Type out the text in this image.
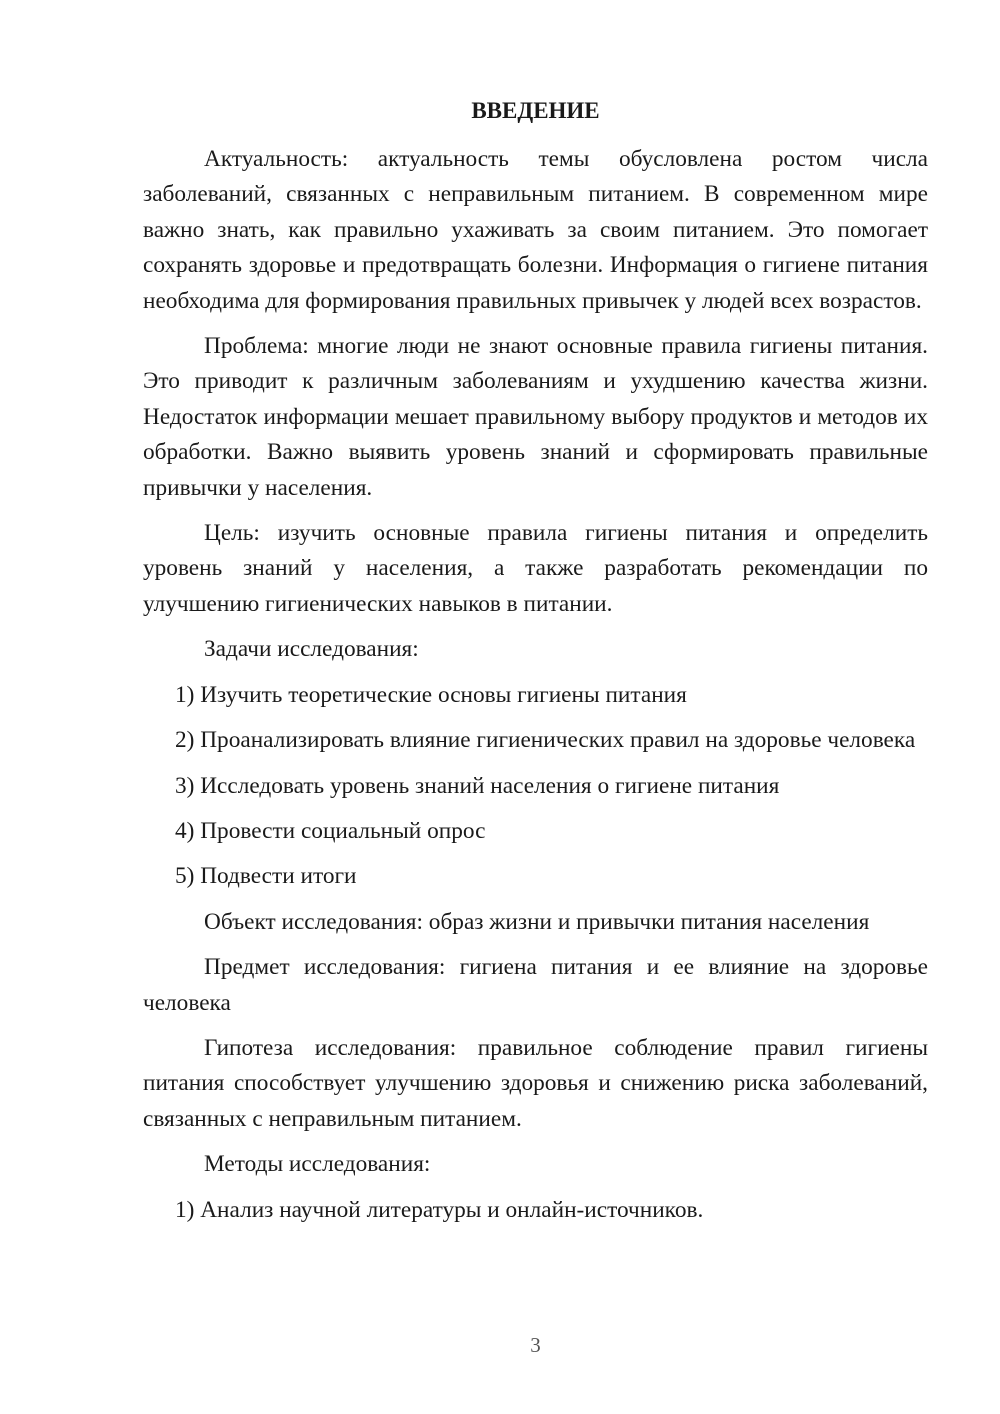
ВВЕДЕНИЕ

Актуальность: актуальность темы обусловлена ростом числа заболеваний, связанных с неправильным питанием. В современном мире важно знать, как правильно ухаживать за своим питанием. Это помогает сохранять здоровье и предотвращать болезни. Информация о гигиене питания необходима для формирования правильных привычек у людей всех возрастов.

Проблема: многие люди не знают основные правила гигиены питания. Это приводит к различным заболеваниям и ухудшению качества жизни. Недостаток информации мешает правильному выбору продуктов и методов их обработки. Важно выявить уровень знаний и сформировать правильные привычки у населения.

Цель: изучить основные правила гигиены питания и определить уровень знаний у населения, а также разработать рекомендации по улучшению гигиенических навыков в питании.

Задачи исследования:

1) Изучить теоретические основы гигиены питания

2) Проанализировать влияние гигиенических правил на здоровье человека

3) Исследовать уровень знаний населения о гигиене питания

4) Провести социальный опрос

5) Подвести итоги

Объект исследования: образ жизни и привычки питания населения

Предмет исследования: гигиена питания и ее влияние на здоровье человека

Гипотеза исследования: правильное соблюдение правил гигиены питания способствует улучшению здоровья и снижению риска заболеваний, связанных с неправильным питанием.

Методы исследования:

1) Анализ научной литературы и онлайн-источников.

3
